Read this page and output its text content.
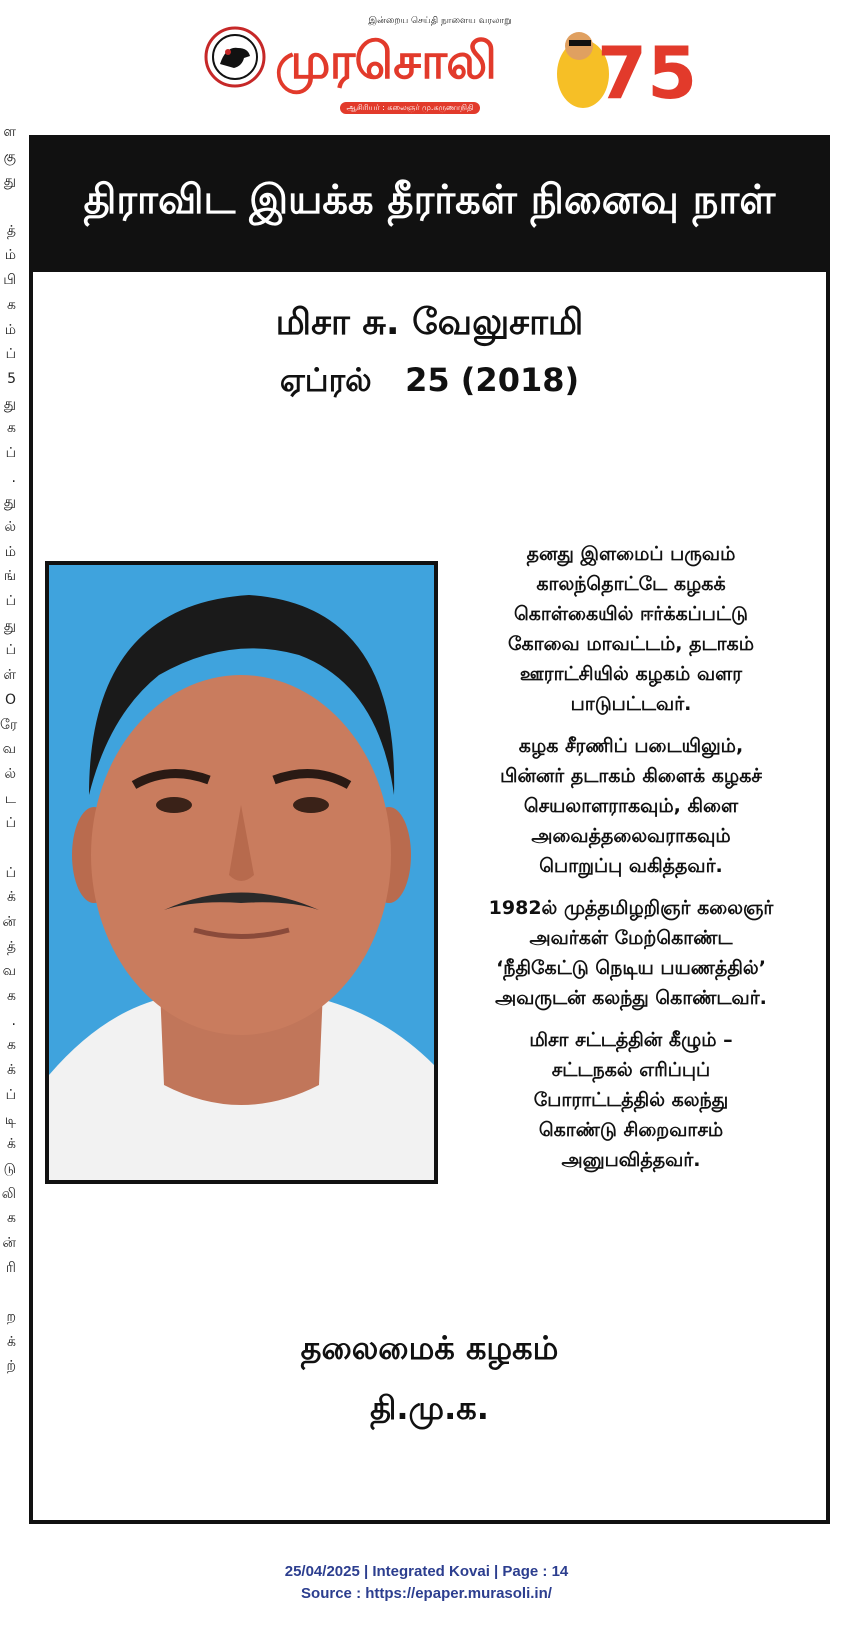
இன்றைய செய்தி நாளைய வரலாறு
முரசொலி
ஆசிரியர் : கலைஞர் மு.கருணாநிதி 75
ள
கு
து
த்
ம்
பி
க
ம்
ப்
5
து
க
ப்
.
து
ல்
ம்
ங்
ப்
து
ப்
ள்
O
ரே
வ
ல்
ட
ப்
ப்
க்
ன்
த்
வ
க
.
க
க்
ப்
டி
க்
டு
லி
க
ன்
ரி
ற
க்
ற்
திராவிட இயக்க தீரர்கள் நினைவு நாள்
மிசா சு. வேலுசாமி
ஏப்ரல்   25 (2018)
தனது இளமைப் பருவம்
காலந்தொட்டே கழகக்
கொள்கையில் ஈர்க்கப்பட்டு
கோவை மாவட்டம், தடாகம்
ஊராட்சியில் கழகம் வளர
பாடுபட்டவர்.
கழக சீரணிப் படையிலும்,
பின்னர் தடாகம் கிளைக் கழகச்
செயலாளராகவும், கிளை
அவைத்தலைவராகவும்
பொறுப்பு வகித்தவர்.
1982ல் முத்தமிழறிஞர் கலைஞர்
அவர்கள் மேற்கொண்ட
‘நீதிகேட்டு நெடிய பயணத்தில்’
அவருடன் கலந்து கொண்டவர்.
மிசா சட்டத்தின் கீழும் –
சட்டநகல் எரிப்புப்
போராட்டத்தில் கலந்து
கொண்டு சிறைவாசம்
அனுபவித்தவர்.
தலைமைக் கழகம்
தி.மு.க.
25/04/2025 | Integrated Kovai | Page : 14
Source : https://epaper.murasoli.in/
